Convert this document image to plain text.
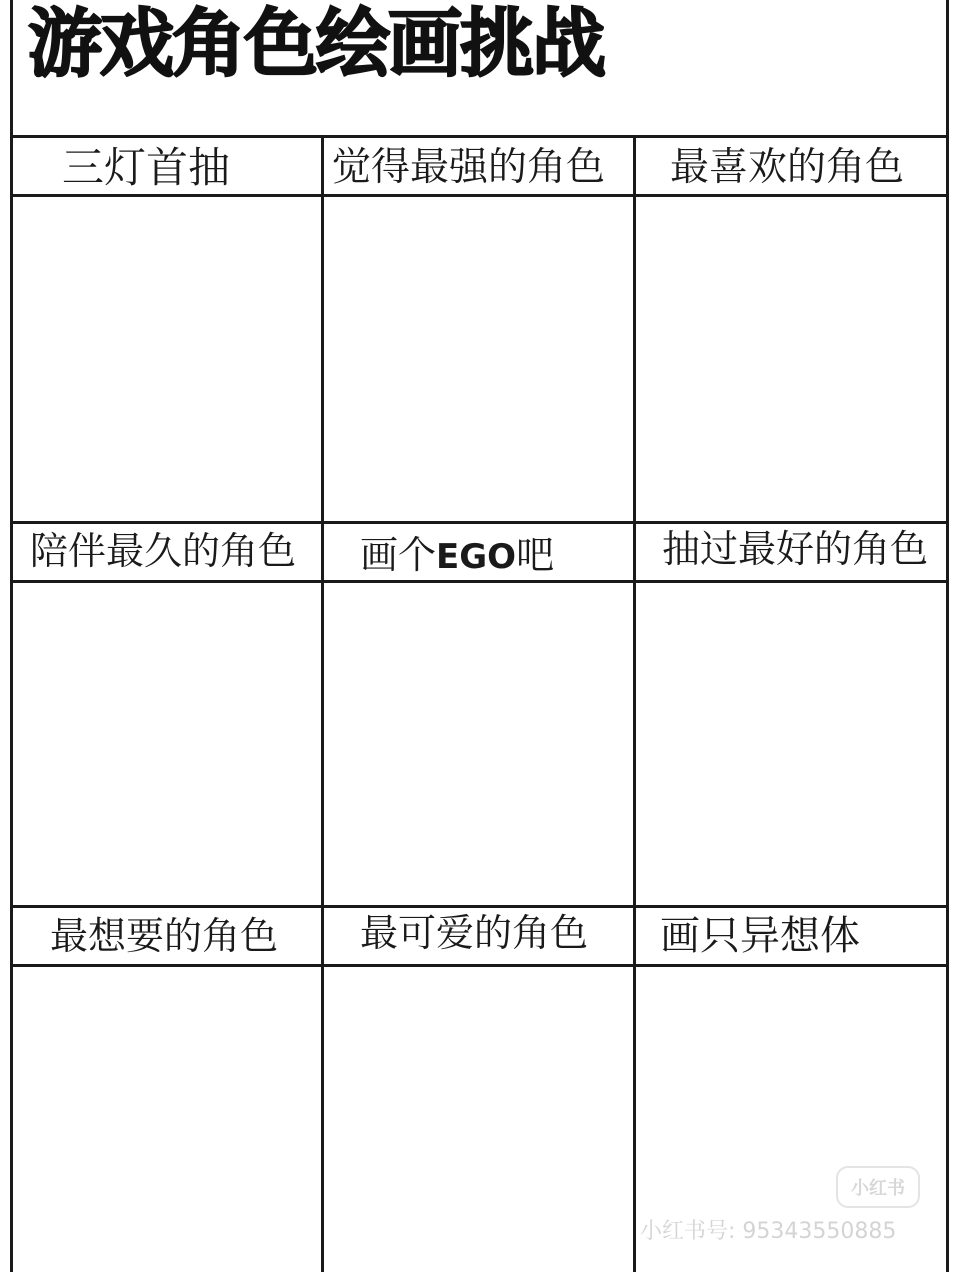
游戏角色绘画挑战
三灯首抽	觉得最强的角色 最喜欢的角色
陪伴最久的角色 画个EGO吧	抽过最好的角色
最想要的角色 最可爱的角色 画只异想体
小红书
小红书号: 95343550885
